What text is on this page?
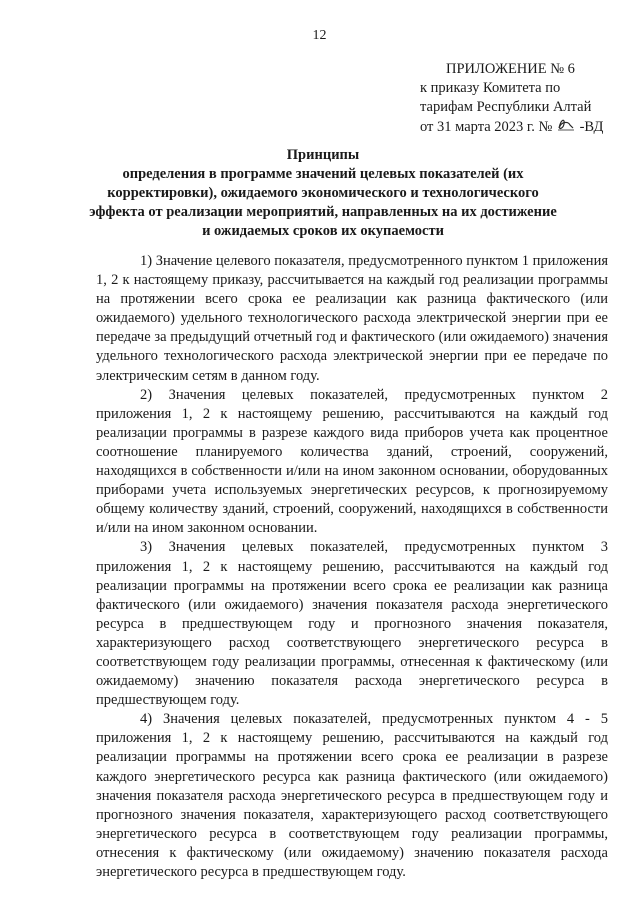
12
ПРИЛОЖЕНИЕ № 6
к приказу Комитета по
тарифам Республики Алтай
от 31 марта 2023 г. № -ВД
Принципы
определения в программе значений целевых показателей (их корректировки), ожидаемого экономического и технологического эффекта от реализации мероприятий, направленных на их достижение и ожидаемых сроков их окупаемости

1) Значение целевого показателя, предусмотренного пунктом 1 приложения 1, 2 к настоящему приказу, рассчитывается на каждый год реализации программы на протяжении всего срока ее реализации как разница фактического (или ожидаемого) удельного технологического расхода электрической энергии при ее передаче за предыдущий отчетный год и фактического (или ожидаемого) значения удельного технологического расхода электрической энергии при ее передаче по электрическим сетям в данном году.

2) Значения целевых показателей, предусмотренных пунктом 2 приложения 1, 2 к настоящему решению, рассчитываются на каждый год реализации программы в разрезе каждого вида приборов учета как процентное соотношение планируемого количества зданий, строений, сооружений, находящихся в собственности и/или на ином законном основании, оборудованных приборами учета используемых энергетических ресурсов, к прогнозируемому общему количеству зданий, строений, сооружений, находящихся в собственности и/или на ином законном основании.

3) Значения целевых показателей, предусмотренных пунктом 3 приложения 1, 2 к настоящему решению, рассчитываются на каждый год реализации программы на протяжении всего срока ее реализации как разница фактического (или ожидаемого) значения показателя расхода энергетического ресурса в предшествующем году и прогнозного значения показателя, характеризующего расход соответствующего энергетического ресурса в соответствующем году реализации программы, отнесенная к фактическому (или ожидаемому) значению показателя расхода энергетического ресурса в предшествующем году.

4) Значения целевых показателей, предусмотренных пунктом 4 - 5 приложения 1, 2 к настоящему решению, рассчитываются на каждый год реализации программы на протяжении всего срока ее реализации в разрезе каждого энергетического ресурса как разница фактического (или ожидаемого) значения показателя расхода энергетического ресурса в предшествующем году и прогнозного значения показателя, характеризующего расход соответствующего энергетического ресурса в соответствующем году реализации программы, отнесения к фактическому (или ожидаемому) значению показателя расхода энергетического ресурса в предшествующем году.
